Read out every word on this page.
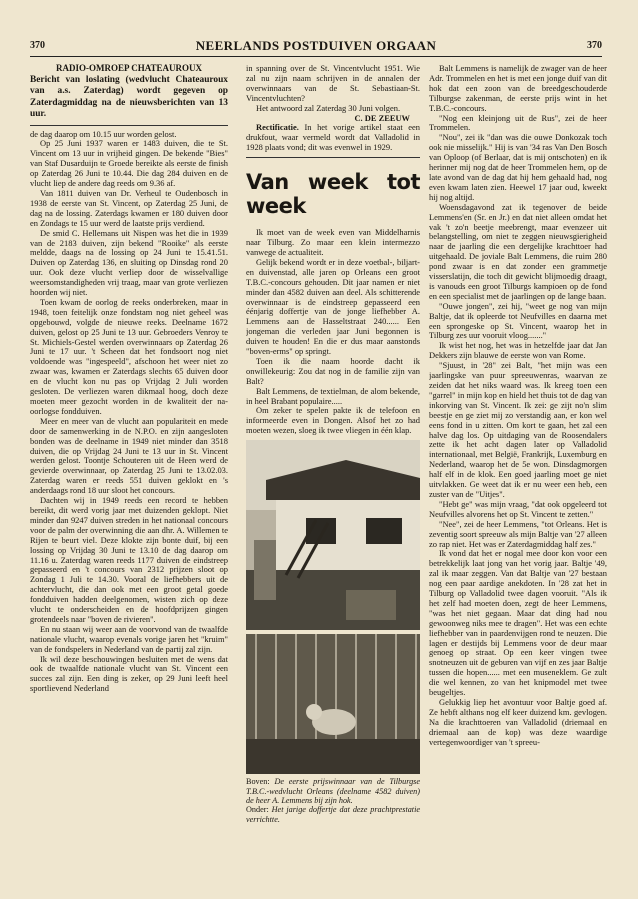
370	NEERLANDS POSTDUIVEN ORGAAN	370
RADIO-OMROEP CHATEAUROUX

Bericht van loslating (wedvlucht Chateauroux van a.s. Zaterdag) wordt gegeven op Zaterdagmiddag na de nieuwsberichten van 13 uur.

de dag daarop om 10.15 uur worden gelost.

Op 25 Juni 1937 waren er 1483 duiven, die te St. Vincent om 13 uur in vrijheid gingen. De bekende "Bies" van Staf Dusarduijn te Groede bereikte als eerste de finish op Zaterdag 26 Juni te 10.44. Die dag 284 duiven en de vlucht liep de andere dag reeds om 9.36 af.

Van 1811 duiven van Dr. Verheul te Oudenbosch in 1938 de eerste van St. Vincent, op Zaterdag 25 Juni, de dag na de lossing. Zaterdags kwamen er 180 duiven door en Zondags te 15 uur werd de laatste prijs verdiend.

De smid C. Hellemans uit Nispen was het die in 1939 van de 2183 duiven, zijn bekend "Rooike" als eerste meldde, daags na de lossing op 24 Juni te 15.41.51. Duiven op Zaterdag 136, en sluiting op Dinsdag rond 20 uur. Ook deze vlucht verliep door de wisselvallige weersomstandigheden vrij traag, maar van grote verliezen hoorden wij niet.

Toen kwam de oorlog de reeks onderbreken, maar in 1948, toen feitelijk onze fondstam nog niet geheel was opgebouwd, volgde de nieuwe reeks. Deelname 1672 duiven, gelost op 25 Juni te 13 uur. Gebroeders Venroy te St. Michiels-Gestel werden overwinnaars op Zaterdag 26 Juni te 17 uur. 't Scheen dat het fondsoort nog niet voldoende was "ingespeeld", afschoon het weer niet zo zwaar was, kwamen er Zaterdags slechts 65 duiven door en de vlucht kon nu pas op Vrijdag 2 Juli worden gesloten. De verliezen waren dikmaal hoog, doch deze moeten meer gezocht worden in de kwaliteit der na-oorlogse fondduiven.

Meer en meer van de vlucht aan populariteit en mede door de samenwerking in de N.P.O. en zijn aangesloten bonden was de deelname in 1949 niet minder dan 3518 duiven, die op Vrijdag 24 Juni te 13 uur in St. Vincent werden gelost. Toontje Schouteren uit de Heen werd de gevierde overwinnaar, op Zaterdag 25 Juni te 13.02.03. Zaterdag waren er reeds 551 duiven geklokt en 's anderdaags rond 18 uur sloot het concours.

Dachten wij in 1949 reeds een record te hebben bereikt, dit werd vorig jaar met duizenden geklopt. Niet minder dan 9247 duiven streden in het nationaal concours voor de palm der overwinning die aan dhr. A. Willemen te Rijen te beurt viel. Deze klokte zijn bonte duif, bij een lossing op Vrijdag 30 Juni te 13.10 de dag daarop om 11.16 u. Zaterdag waren reeds 1177 duiven de eindstreep gepasseerd en 't concours van 2312 prijzen sloot op Zondag 1 Juli te 14.30. Vooral de liefhebbers uit de achtervlucht, die dan ook met een groot getal goede fondduiven hadden deelgenomen, wisten zich op deze vlucht te onderscheiden en de hoofdprijzen gingen grotendeels naar "boven de rivieren".

En nu staan wij weer aan de voorvond van de twaalfde nationale vlucht, waarop evenals vorige jaren het "kruim" van de fondspelers in Nederland van de partij zal zijn.

Ik wil deze beschouwingen besluiten met de wens dat ook de twaalfde nationale vlucht van St. Vincent een succes zal zijn. Een ding is zeker, op 29 Juni leeft heel sportlievend Nederland

in spanning over de St. Vincentvlucht 1951. Wie zal nu zijn naam schrijven in de annalen der overwinnaars van de St. Sebastiaan-St. Vincentvluchten?

Het antwoord zal Zaterdag 30 Juni volgen.

C. DE ZEEUW

Rectificatie. In het vorige artikel staat een drukfout, waar vermeld wordt dat Valladolid in 1928 plaats vond; dit was evenwel in 1929.

Van week tot week

Ik moet van de week even van Middelharnis naar Tilburg. Zo maar een klein intermezzo vanwege de actualiteit.

Gelijk bekend wordt er in deze voetbal-, biljart- en duivenstad, alle jaren op Orleans een groot T.B.C.-concours gehouden. Dit jaar namen er niet minder dan 4582 duiven aan deel. Als schitterende overwinnaar is de eindstreep gepasseerd een éénjarig doffertje van de jonge liefhebber A. Lemmens aan de Hasseltstraat 240...... Een jongeman die verleden jaar Juni begonnen is duiven te houden! En die er dus maar aanstonds "boven-erms" op springt.

Toen ik die naam hoorde dacht ik onwillekeurig: Zou dat nog in de familie zijn van Balt?

Balt Lemmens, de textielman, de alom bekende, in heel Brabant populaire.....

Om zeker te spelen pakte ik de telefoon en informeerde even in Dongen. Alsof het zo had moeten wezen, sloeg ik twee vliegen in één klap.

Boven: De eerste prijswinnaar van de Tilburgse T.B.C.-wedvlucht Orleans (deelname 4582 duiven) de heer A. Lemmens bij zijn hok.
Onder: Het jarige doffertje dat deze prachtprestatie verrichtte.

Balt Lemmens is namelijk de zwager van de heer Adr. Trommelen en het is met een jonge duif van dit hok dat een zoon van de breedgeschouderde Tilburgse zakenman, de eerste prijs wint in het T.B.C.-concours.

"Nog een kleinjong uit de Rus", zei de heer Trommelen.

"Nou", zei ik "dan was die ouwe Donkozak toch ook nie misselijk." Hij is van '34 ras Van Den Bosch van Oploop (of Berlaar, dat is mij ontschoten) en ik herinner mij nog dat de heer Trommelen hem, op de late avond van de dag dat hij hem gehaald had, nog even kwam laten zien. Heewel 17 jaar oud, kweekt hij nog altijd.

Woensdagavond zat ik tegenover de beide Lemmens'en (Sr. en Jr.) en dat niet alleen omdat het vak 't zo'n beetje meebrengt, maar evenzeer uit belangstelling, om niet te zeggen nieuwsgierigheid naar de jaarling die een dergelijke krachttoer had uitgehaald. De joviale Balt Lemmens, die ruim 280 pond zwaar is en dat zonder een grammetje visserslatijn, die toch dit gewicht blijmoedig draagt, is vanouds een groot Tilburgs kampioen op de fond en een specialist met de jaarlingen op de lange baan.

"Ouwe jongen", zei hij, "weet ge nog van mijn Baltje, dat ik opleerde tot Neufvilles en daarna met een sprongeske op St. Vincent, waarop het in Tilburg zes uur vooruit vloog......."

Ik wist het nog, het was in hetzelfde jaar dat Jan Dekkers zijn blauwe de eerste won van Rome.

"Sjuust, in '28" zei Balt, "het mijn was een jaarlingske van puur spreeuwenras, waarvan ze zeiden dat het niks waard was. Ik kreeg toen een "garrel" in mijn kop en hield het thuis tot de dag van inkorving van St. Vincent. Ik zei: ge zijt no'n slim beestje en ge ziet mij zo verstandig aan, er kon wel eens fond in u zitten. Om kort te gaan, het zal een halve dag los. Op uitdaging van de Roosendalers zette ik het acht dagen later op Valladolid internationaal, met België, Frankrijk, Luxemburg en Nederland, waarop het de 5e won. Dinsdagmorgen half elf in de klok. Een goed jaarling moet ge niet uitvlakken. Ge weet dat ik er nu weer een heb, een zuster van de "Uitjes".

"Hebt ge" was mijn vraag, "dat ook opgeleerd tot Neufvilles alvorens het op St. Vincent te zetten."

"Nee", zei de heer Lemmens, "tot Orleans. Het is zeventig soort spreeuw als mijn Baltje van '27 alleen zo rap niet. Het was er Zaterdagmiddag half zes."

Ik vond dat het er nogal mee door kon voor een betrekkelijk laat jong van het vorig jaar. Baltje '49, zal ik maar zeggen. Van dat Baltje van '27 bestaan nog een paar aardige anekdoten. In '28 zat het in Tilburg op Valladolid twee dagen vooruit. "Als ik het zelf had moeten doen, zegt de heer Lemmens, "was het niet gegaan. Maar dat ding had nou gewoonweg niks mee te dragen". Het was een echte liefhebber van in paardenvijgen rond te neuzen. Die lagen er destijds bij Lemmens voor de deur maar genoeg op straat. Op een keer vingen twee snotneuzen uit de geburen van vijf en zes jaar Baltje tussen die hopen...... met een museneklem. Ge zult die wel kennen, zo van het knipmodel met twee beugeltjes.

Gelukkig liep het avontuur voor Baltje goed af. Ze hebft althans nog elf keer duizend km. gevlogen. Na die krachttoeren van Valladolid (driemaal en driemaal aan de kop) was deze waardige vertegenwoordiger van 't spreeu-
